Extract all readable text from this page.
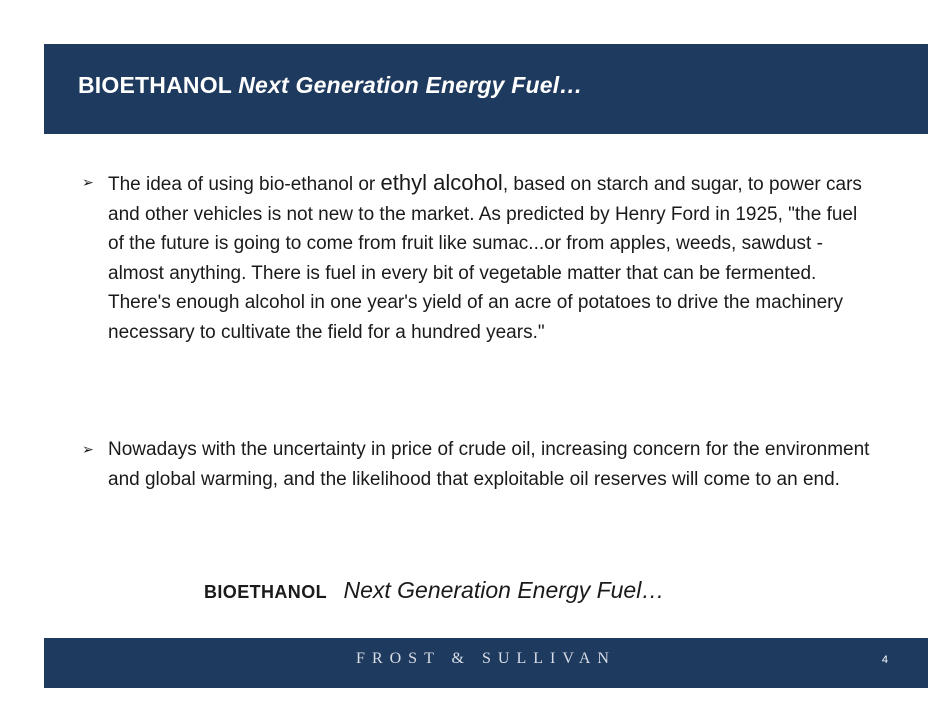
BIOETHANOL Next Generation Energy Fuel…
➢ The idea of using bio-ethanol or ethyl alcohol, based on starch and sugar, to power cars and other vehicles is not new to the market. As predicted by Henry Ford in 1925, "the fuel of the future is going to come from fruit like sumac...or from apples, weeds, sawdust - almost anything. There is fuel in every bit of vegetable matter that can be fermented. There's enough alcohol in one year's yield of an acre of potatoes to drive the machinery necessary to cultivate the field for a hundred years."
➢ Nowadays with the uncertainty in price of crude oil, increasing concern for the environment and global warming, and the likelihood that exploitable oil reserves will come to an end.
BIOETHANOL Next Generation Energy Fuel…
FROST & SULLIVAN	4
